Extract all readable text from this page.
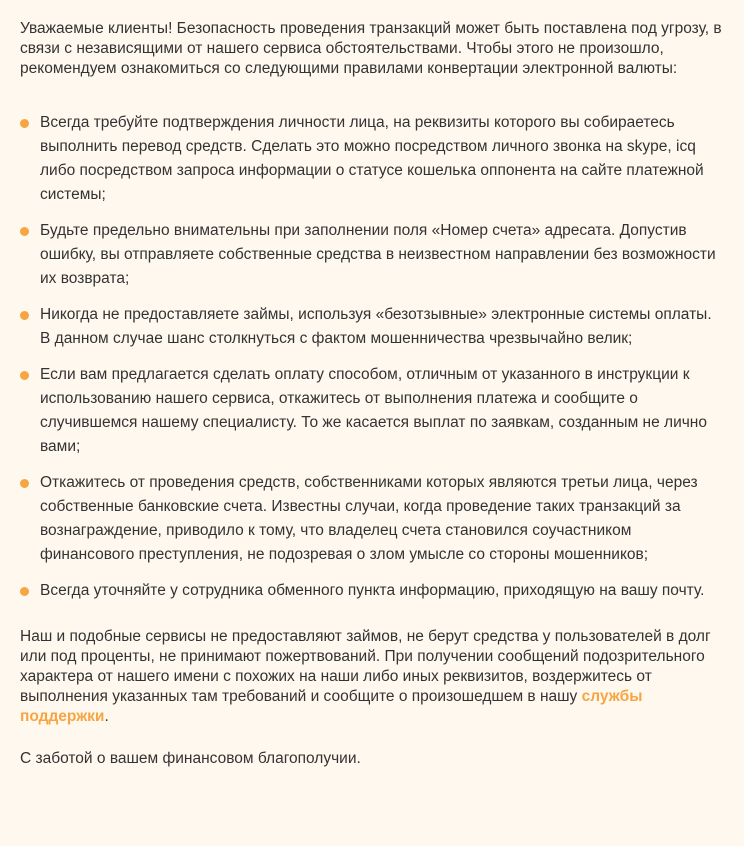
Уважаемые клиенты! Безопасность проведения транзакций может быть поставлена под угрозу, в связи с независящими от нашего сервиса обстоятельствами. Чтобы этого не произошло, рекомендуем ознакомиться со следующими правилами конвертации электронной валюты:

Всегда требуйте подтверждения личности лица, на реквизиты которого вы собираетесь выполнить перевод средств. Сделать это можно посредством личного звонка на skype, icq либо посредством запроса информации о статусе кошелька оппонента на сайте платежной системы;
Будьте предельно внимательны при заполнении поля «Номер счета» адресата. Допустив ошибку, вы отправляете собственные средства в неизвестном направлении без возможности их возврата;
Никогда не предоставляете займы, используя «безотзывные» электронные системы оплаты. В данном случае шанс столкнуться с фактом мошенничества чрезвычайно велик;
Если вам предлагается сделать оплату способом, отличным от указанного в инструкции к использованию нашего сервиса, откажитесь от выполнения платежа и сообщите о случившемся нашему специалисту. То же касается выплат по заявкам, созданным не лично вами;
Откажитесь от проведения средств, собственниками которых являются третьи лица, через собственные банковские счета. Известны случаи, когда проведение таких транзакций за вознаграждение, приводило к тому, что владелец счета становился соучастником финансового преступления, не подозревая о злом умысле со стороны мошенников;
Всегда уточняйте у сотрудника обменного пункта информацию, приходящую на вашу почту.

Наш и подобные сервисы не предоставляют займов, не берут средства у пользователей в долг или под проценты, не принимают пожертвований. При получении сообщений подозрительного характера от нашего имени с похожих на наши либо иных реквизитов, воздержитесь от выполнения указанных там требований и сообщите о произошедшем в нашу службы поддержки.

С заботой о вашем финансовом благополучии.
